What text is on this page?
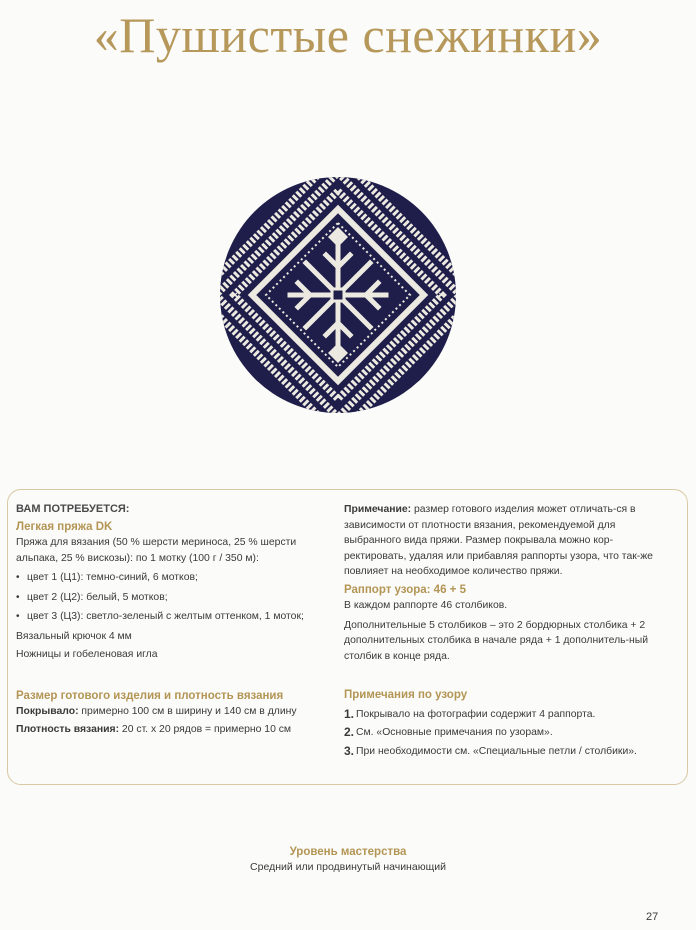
«Пушистые снежинки»
ВАМ ПОТРЕБУЕТСЯ:
Легкая пряжа DK

Пряжа для вязания (50 % шерсти мериноса, 25 % шерсти альпака, 25 % вискозы): по 1 мотку (100 г / 350 м):

• цвет 1 (Ц1): темно-синий, 6 мотков;
• цвет 2 (Ц2): белый, 5 мотков;
• цвет 3 (Ц3): светло-зеленый с желтым оттенком, 1 моток;

Вязальный крючок 4 мм

Ножницы и гобеленовая игла

Размер готового изделия и плотность вязания

Покрывало: примерно 100 см в ширину и 140 см в длину

Плотность вязания: 20 ст. х 20 рядов = примерно 10 см

Примечание: размер готового изделия может отличать-ся в зависимости от плотности вязания, рекомендуемой для выбранного вида пряжи. Размер покрывала можно кор-ректировать, удаляя или прибавляя раппорты узора, что так-же повлияет на необходимое количество пряжи.

Раппорт узора: 46 + 5

В каждом раппорте 46 столбиков.

Дополнительные 5 столбиков – это 2 бордюрных столбика + 2 дополнительных столбика в начале ряда + 1 дополнитель-ный столбик в конце ряда.

Примечания по узору
1. Покрывало на фотографии содержит 4 раппорта.
2. См. «Основные примечания по узорам».
3. При необходимости см. «Специальные петли / столбики».
Уровень мастерства
Средний или продвинутый начинающий
27
